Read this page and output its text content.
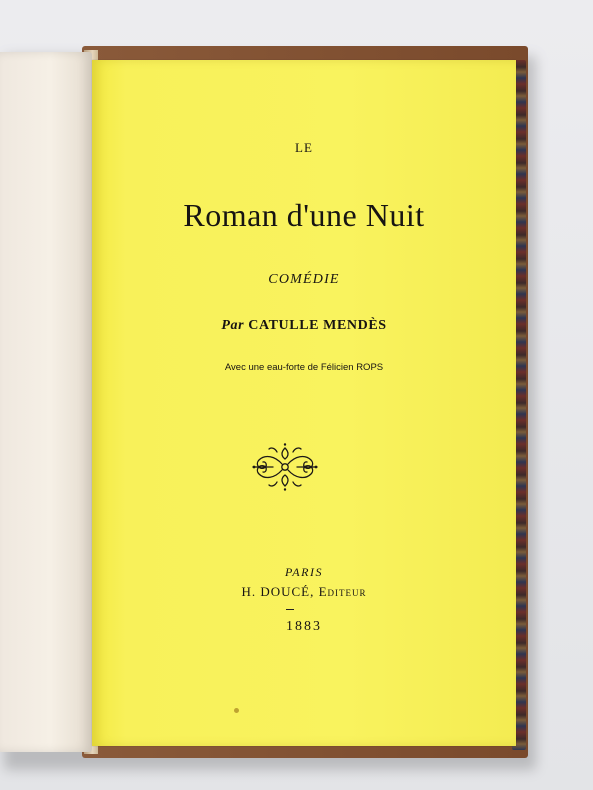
LE
Roman d'une Nuit
COMÉDIE
Par CATULLE MENDÈS
Avec une eau-forte de Félicien ROPS
PARIS
H. DOUCÉ, Editeur
1883
